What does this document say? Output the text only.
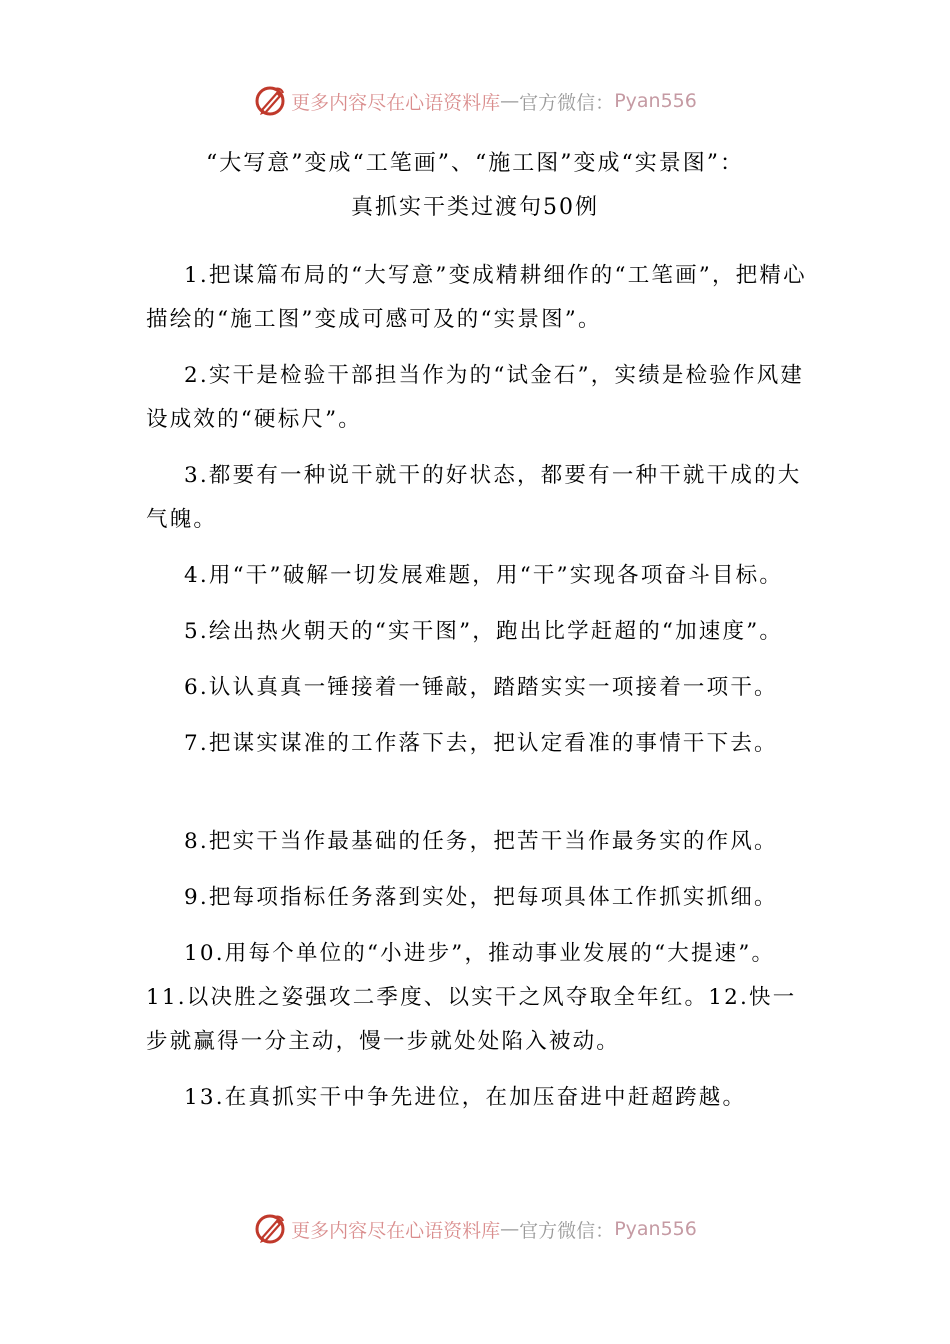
更多内容尽在心语资料库 — 官方微信： Pyan556
“大写意”变成“工笔画”、“施工图”变成“实景图”：
真抓实干类过渡句50例

1.把谋篇布局的“大写意”变成精耕细作的“工笔画”，把精心描绘的“施工图”变成可感可及的“实景图”。

2.实干是检验干部担当作为的“试金石”，实绩是检验作风建设成效的“硬标尺”。

3.都要有一种说干就干的好状态，都要有一种干就干成的大气魄。

4.用“干”破解一切发展难题，用“干”实现各项奋斗目标。

5.绘出热火朝天的“实干图”，跑出比学赶超的“加速度”。

6.认认真真一锤接着一锤敲，踏踏实实一项接着一项干。

7.把谋实谋准的工作落下去，把认定看准的事情干下去。

8.把实干当作最基础的任务，把苦干当作最务实的作风。

9.把每项指标任务落到实处，把每项具体工作抓实抓细。

10.用每个单位的“小进步”，推动事业发展的“大提速”。  11.以决胜之姿强攻二季度、以实干之风夺取全年红。12.快一步就赢得一分主动，慢一步就处处陷入被动。

13.在真抓实干中争先进位，在加压奋进中赶超跨越。

更多内容尽在心语资料库 — 官方微信： Pyan556
